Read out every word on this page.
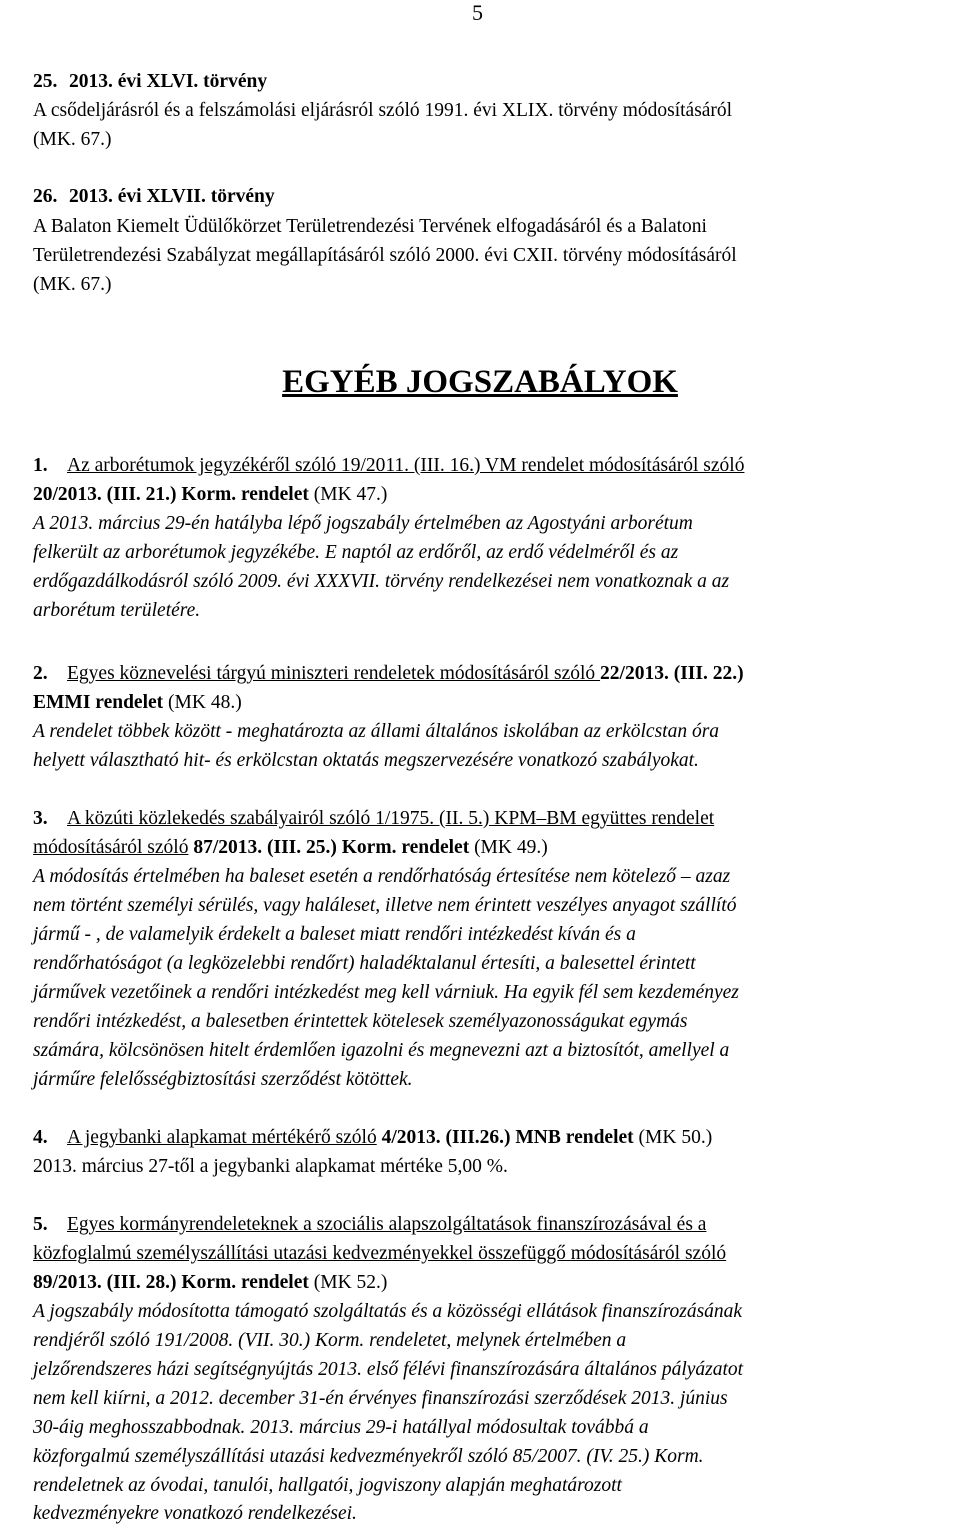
5
25. 2013. évi XLVI. törvény
A csődeljárásról és a felszámolási eljárásról szóló 1991. évi XLIX. törvény módosításáról
(MK. 67.)
26. 2013. évi XLVII. törvény
A Balaton Kiemelt Üdülőkörzet Területrendezési Tervének elfogadásáról és a Balatoni
Területrendezési Szabályzat megállapításáról szóló 2000. évi CXII. törvény módosításáról
(MK. 67.)
EGYÉB JOGSZABÁLYOK
1. Az arborétumok jegyzékéről szóló 19/2011. (III. 16.) VM rendelet módosításáról szóló
20/2013. (III. 21.) Korm. rendelet (MK 47.)
A 2013. március 29-én hatályba lépő jogszabály értelmében az Agostyáni arborétum
felkerült az arborétumok jegyzékébe. E naptól az erdőről, az erdő védelméről és az
erdőgazdálkodásról szóló 2009. évi XXXVII. törvény rendelkezései nem vonatkoznak a az
arborétum területére.
2. Egyes köznevelési tárgyú miniszteri rendeletek módosításáról szóló 22/2013. (III. 22.)
EMMI rendelet (MK 48.)
A rendelet többek között - meghatározta az állami általános iskolában az erkölcstan óra
helyett választható hit- és erkölcstan oktatás megszervezésére vonatkozó szabályokat.
3. A közúti közlekedés szabályairól szóló 1/1975. (II. 5.) KPM–BM együttes rendelet
módosításáról szóló 87/2013. (III. 25.) Korm. rendelet (MK 49.)
A módosítás értelmében ha baleset esetén a rendőrhatóság értesítése nem kötelező – azaz
nem történt személyi sérülés, vagy haláleset, illetve nem érintett veszélyes anyagot szállító
jármű - , de valamelyik érdekelt a baleset miatt rendőri intézkedést kíván és a
rendőrhatóságot (a legközelebbi rendőrt) haladéktalanul értesíti, a balesettel érintett
járművek vezetőinek a rendőri intézkedést meg kell várniuk. Ha egyik fél sem kezdeményez
rendőri intézkedést, a balesetben érintettek kötelesek személyazonosságukat egymás
számára, kölcsönösen hitelt érdemlően igazolni és megnevezni azt a biztosítót, amellyel a
járműre felelősségbiztosítási szerződést kötöttek.
4. A jegybanki alapkamat mértékérő szóló 4/2013. (III.26.) MNB rendelet (MK 50.)
2013. március 27-től a jegybanki alapkamat mértéke 5,00 %.
5. Egyes kormányrendeleteknek a szociális alapszolgáltatások finanszírozásával és a
közfoglalmú személyszállítási utazási kedvezményekkel összefüggő módosításáról szóló
89/2013. (III. 28.) Korm. rendelet (MK 52.)
A jogszabály módosította támogató szolgáltatás és a közösségi ellátások finanszírozásának
rendjéről szóló 191/2008. (VII. 30.) Korm. rendeletet, melynek értelmében a
jelzőrendszeres házi segítségnyújtás 2013. első félévi finanszírozására általános pályázatot
nem kell kiírni, a 2012. december 31-én érvényes finanszírozási szerződések 2013. június
30-áig meghosszabbodnak. 2013. március 29-i hatállyal módosultak továbbá a
közforgalmú személyszállítási utazási kedvezményekről szóló 85/2007. (IV. 25.) Korm.
rendeletnek az óvodai, tanulói, hallgatói, jogviszony alapján meghatározott
kedvezményekre vonatkozó rendelkezései.
